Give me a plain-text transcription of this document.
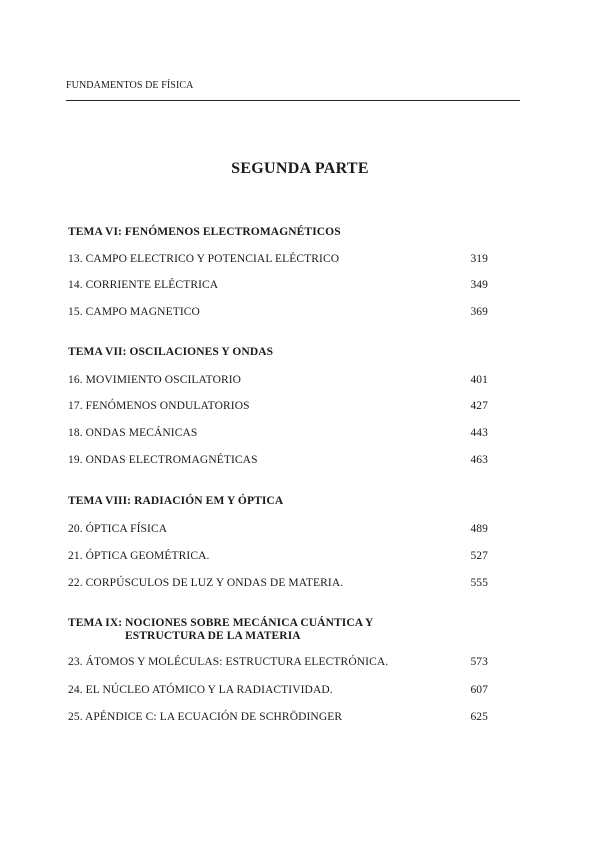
FUNDAMENTOS DE FÍSICA
SEGUNDA PARTE
TEMA VI: FENÓMENOS ELECTROMAGNÉTICOS
13. CAMPO ELECTRICO Y POTENCIAL ELÉCTRICO	319
14. CORRIENTE ELÉCTRICA	349
15. CAMPO MAGNETICO	369
TEMA VII: OSCILACIONES Y ONDAS
16. MOVIMIENTO OSCILATORIO	401
17. FENÓMENOS ONDULATORIOS	427
18. ONDAS MECÁNICAS	443
19. ONDAS ELECTROMAGNÉTICAS	463
TEMA VIII: RADIACIÓN EM Y ÓPTICA
20. ÓPTICA FÍSICA	489
21. ÓPTICA GEOMÉTRICA.	527
22. CORPÚSCULOS DE LUZ Y ONDAS DE MATERIA.	555
TEMA IX: NOCIONES SOBRE MECÁNICA CUÁNTICA Y
ESTRUCTURA DE LA MATERIA
23. ÁTOMOS Y MOLÉCULAS: ESTRUCTURA ELECTRÓNICA.	573
24. EL NÚCLEO ATÓMICO Y LA RADIACTIVIDAD.	607
25. APÉNDICE C: LA ECUACIÓN DE SCHRÖDINGER	625
